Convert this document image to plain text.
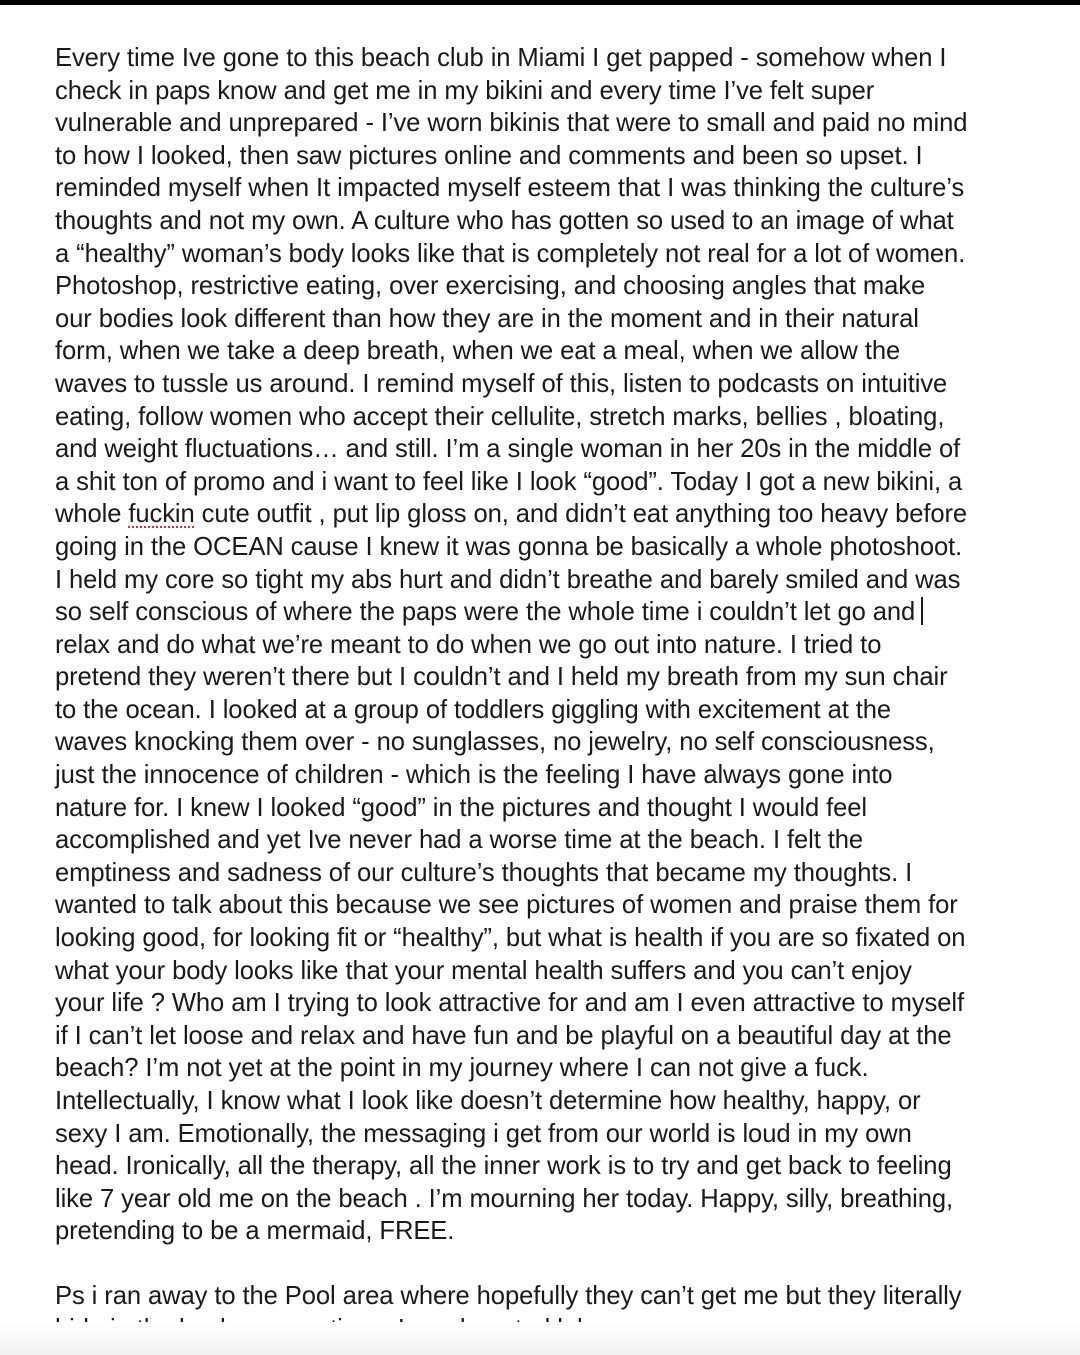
Every time Ive gone to this beach club in Miami I get papped - somehow when I
check in paps know and get me in my bikini and every time I’ve felt super
vulnerable and unprepared - I’ve worn bikinis that were to small and paid no mind
to how I looked, then saw pictures online and comments and been so upset. I
reminded myself when It impacted myself esteem that I was thinking the culture’s
thoughts and not my own. A culture who has gotten so used to an image of what
a “healthy” woman’s body looks like that is completely not real for a lot of women.
Photoshop, restrictive eating, over exercising, and choosing angles that make
our bodies look different than how they are in the moment and in their natural
form, when we take a deep breath, when we eat a meal, when we allow the
waves to tussle us around. I remind myself of this, listen to podcasts on intuitive
eating, follow women who accept their cellulite, stretch marks, bellies , bloating,
and weight fluctuations… and still. I’m a single woman in her 20s in the middle of
a shit ton of promo and i want to feel like I look “good”. Today I got a new bikini, a
whole fuckin cute outfit , put lip gloss on, and didn’t eat anything too heavy before
going in the OCEAN cause I knew it was gonna be basically a whole photoshoot.
I held my core so tight my abs hurt and didn’t breathe and barely smiled and was
so self conscious of where the paps were the whole time i couldn’t let go and
relax and do what we’re meant to do when we go out into nature. I tried to
pretend they weren’t there but I couldn’t and I held my breath from my sun chair
to the ocean. I looked at a group of toddlers giggling with excitement at the
waves knocking them over - no sunglasses, no jewelry, no self consciousness,
just the innocence of children - which is the feeling I have always gone into
nature for. I knew I looked “good” in the pictures and thought I would feel
accomplished and yet Ive never had a worse time at the beach. I felt the
emptiness and sadness of our culture’s thoughts that became my thoughts. I
wanted to talk about this because we see pictures of women and praise them for
looking good, for looking fit or “healthy”, but what is health if you are so fixated on
what your body looks like that your mental health suffers and you can’t enjoy
your life ? Who am I trying to look attractive for and am I even attractive to myself
if I can’t let loose and relax and have fun and be playful on a beautiful day at the
beach? I’m not yet at the point in my journey where I can not give a fuck.
Intellectually, I know what I look like doesn’t determine how healthy, happy, or
sexy I am. Emotionally, the messaging i get from our world is loud in my own
head. Ironically, all the therapy, all the inner work is to try and get back to feeling
like 7 year old me on the beach . I’m mourning her today. Happy, silly, breathing,
pretending to be a mermaid, FREE.
Ps i ran away to the Pool area where hopefully they can’t get me but they literally
